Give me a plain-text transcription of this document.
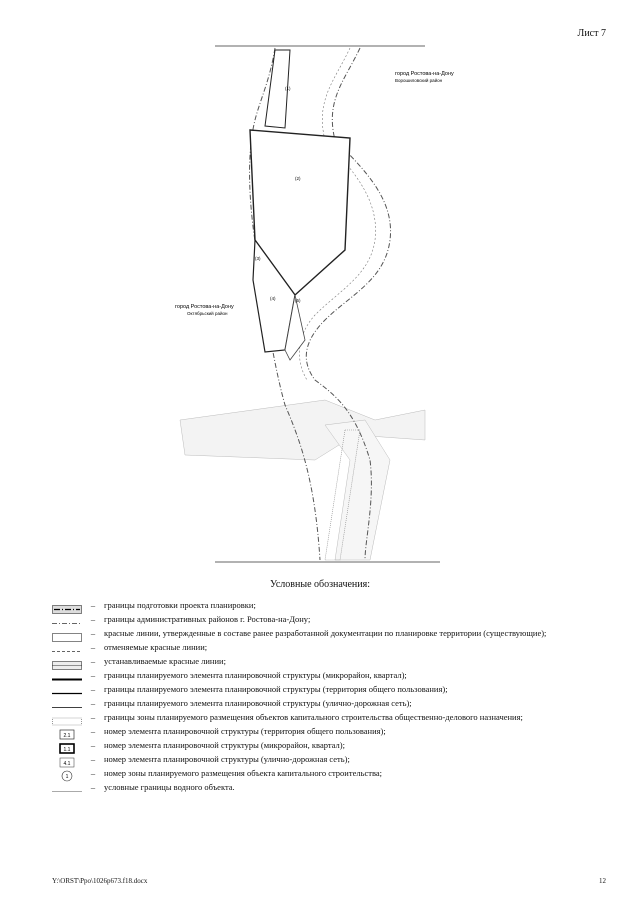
Лист 7
(1)
(2)
(3)
(4)	(5)
город Ростова-на-Дону
Ворошиловский район
город Ростова-на-Дону
Октябрьский район
Условные обозначения:
–	границы подготовки проекта планировки;
–	границы административных районов г. Ростова-на-Дону;
–	красные линии, утвержденные в составе ранее разработанной документации по планировке территории (существующие);
–	отменяемые красные линии;
–	устанавливаемые красные линии;
–	границы планируемого элемента планировочной структуры (микрорайон, квартал);
–	границы планируемого элемента планировочной структуры (территория общего пользования);
–	границы планируемого элемента планировочной структуры (улично-дорожная сеть);
–	границы зоны планируемого размещения объектов капитального строительства общественно-делового назначения;
2.1	–	номер элемента планировочной структуры (территория общего пользования);
1.1	–	номер элемента планировочной структуры (микрорайон, квартал);
4.1	–	номер элемента планировочной структуры (улично-дорожная сеть);
1	–	номер зоны планируемого размещения объекта капитального строительства;
–	условные границы водного объекта.
Y:\ORST\Ppo\1026p673.f18.docx	12
